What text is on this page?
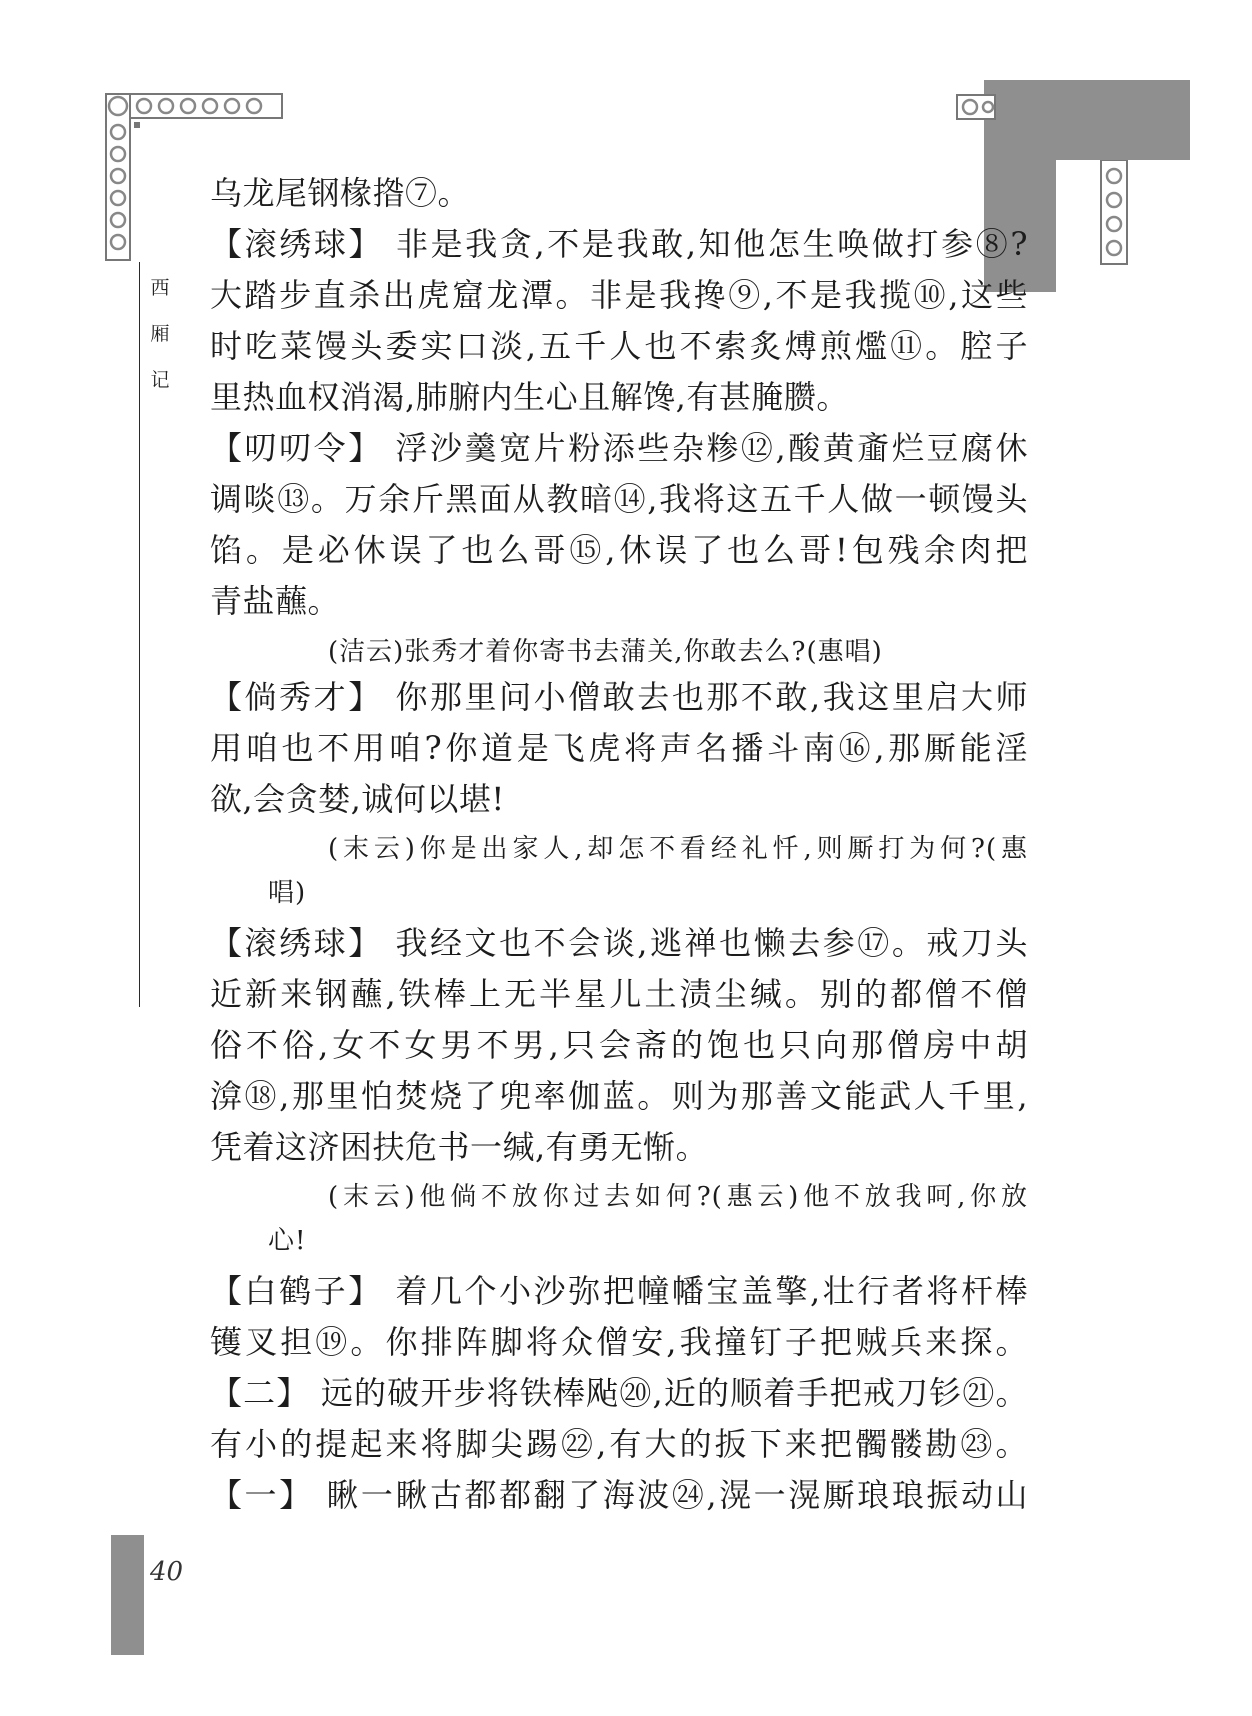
西厢记
乌龙尾钢椽揝⑦。
【滚绣球】 非是我贪,不是我敢,知他怎生唤做打参⑧?
大踏步直杀出虎窟龙潭。非是我搀⑨,不是我揽⑩,这些
时吃菜馒头委实口淡,五千人也不索炙煿煎爁⑪。腔子
里热血权消渴,肺腑内生心且解馋,有甚腌臜。
【叨叨令】 浮沙羹宽片粉添些杂糁⑫,酸黄齑烂豆腐休
调啖⑬。万余斤黑面从教暗⑭,我将这五千人做一顿馒头
馅。是必休误了也么哥⑮,休误了也么哥!包残余肉把
青盐蘸。
(洁云)张秀才着你寄书去蒲关,你敢去么?(惠唱)
【倘秀才】 你那里问小僧敢去也那不敢,我这里启大师
用咱也不用咱?你道是飞虎将声名播斗南⑯,那厮能淫
欲,会贪婪,诚何以堪!
(末云)你是出家人,却怎不看经礼忏,则厮打为何?(惠
唱)
【滚绣球】 我经文也不会谈,逃禅也懒去参⑰。戒刀头
近新来钢蘸,铁棒上无半星儿土渍尘缄。别的都僧不僧
俗不俗,女不女男不男,只会斋的饱也只向那僧房中胡
渰⑱,那里怕焚烧了兜率伽蓝。则为那善文能武人千里,
凭着这济困扶危书一缄,有勇无惭。
(末云)他倘不放你过去如何?(惠云)他不放我呵,你放
心!
【白鹤子】 着几个小沙弥把幢幡宝盖擎,壮行者将杆棒
镬叉担⑲。你排阵脚将众僧安,我撞钉子把贼兵来探。
【二】 远的破开步将铁棒飐⑳,近的顺着手把戒刀钐㉑。
有小的提起来将脚尖踢㉒,有大的扳下来把髑髅勘㉓。
【一】 瞅一瞅古都都翻了海波㉔,滉一滉厮琅琅振动山
40
